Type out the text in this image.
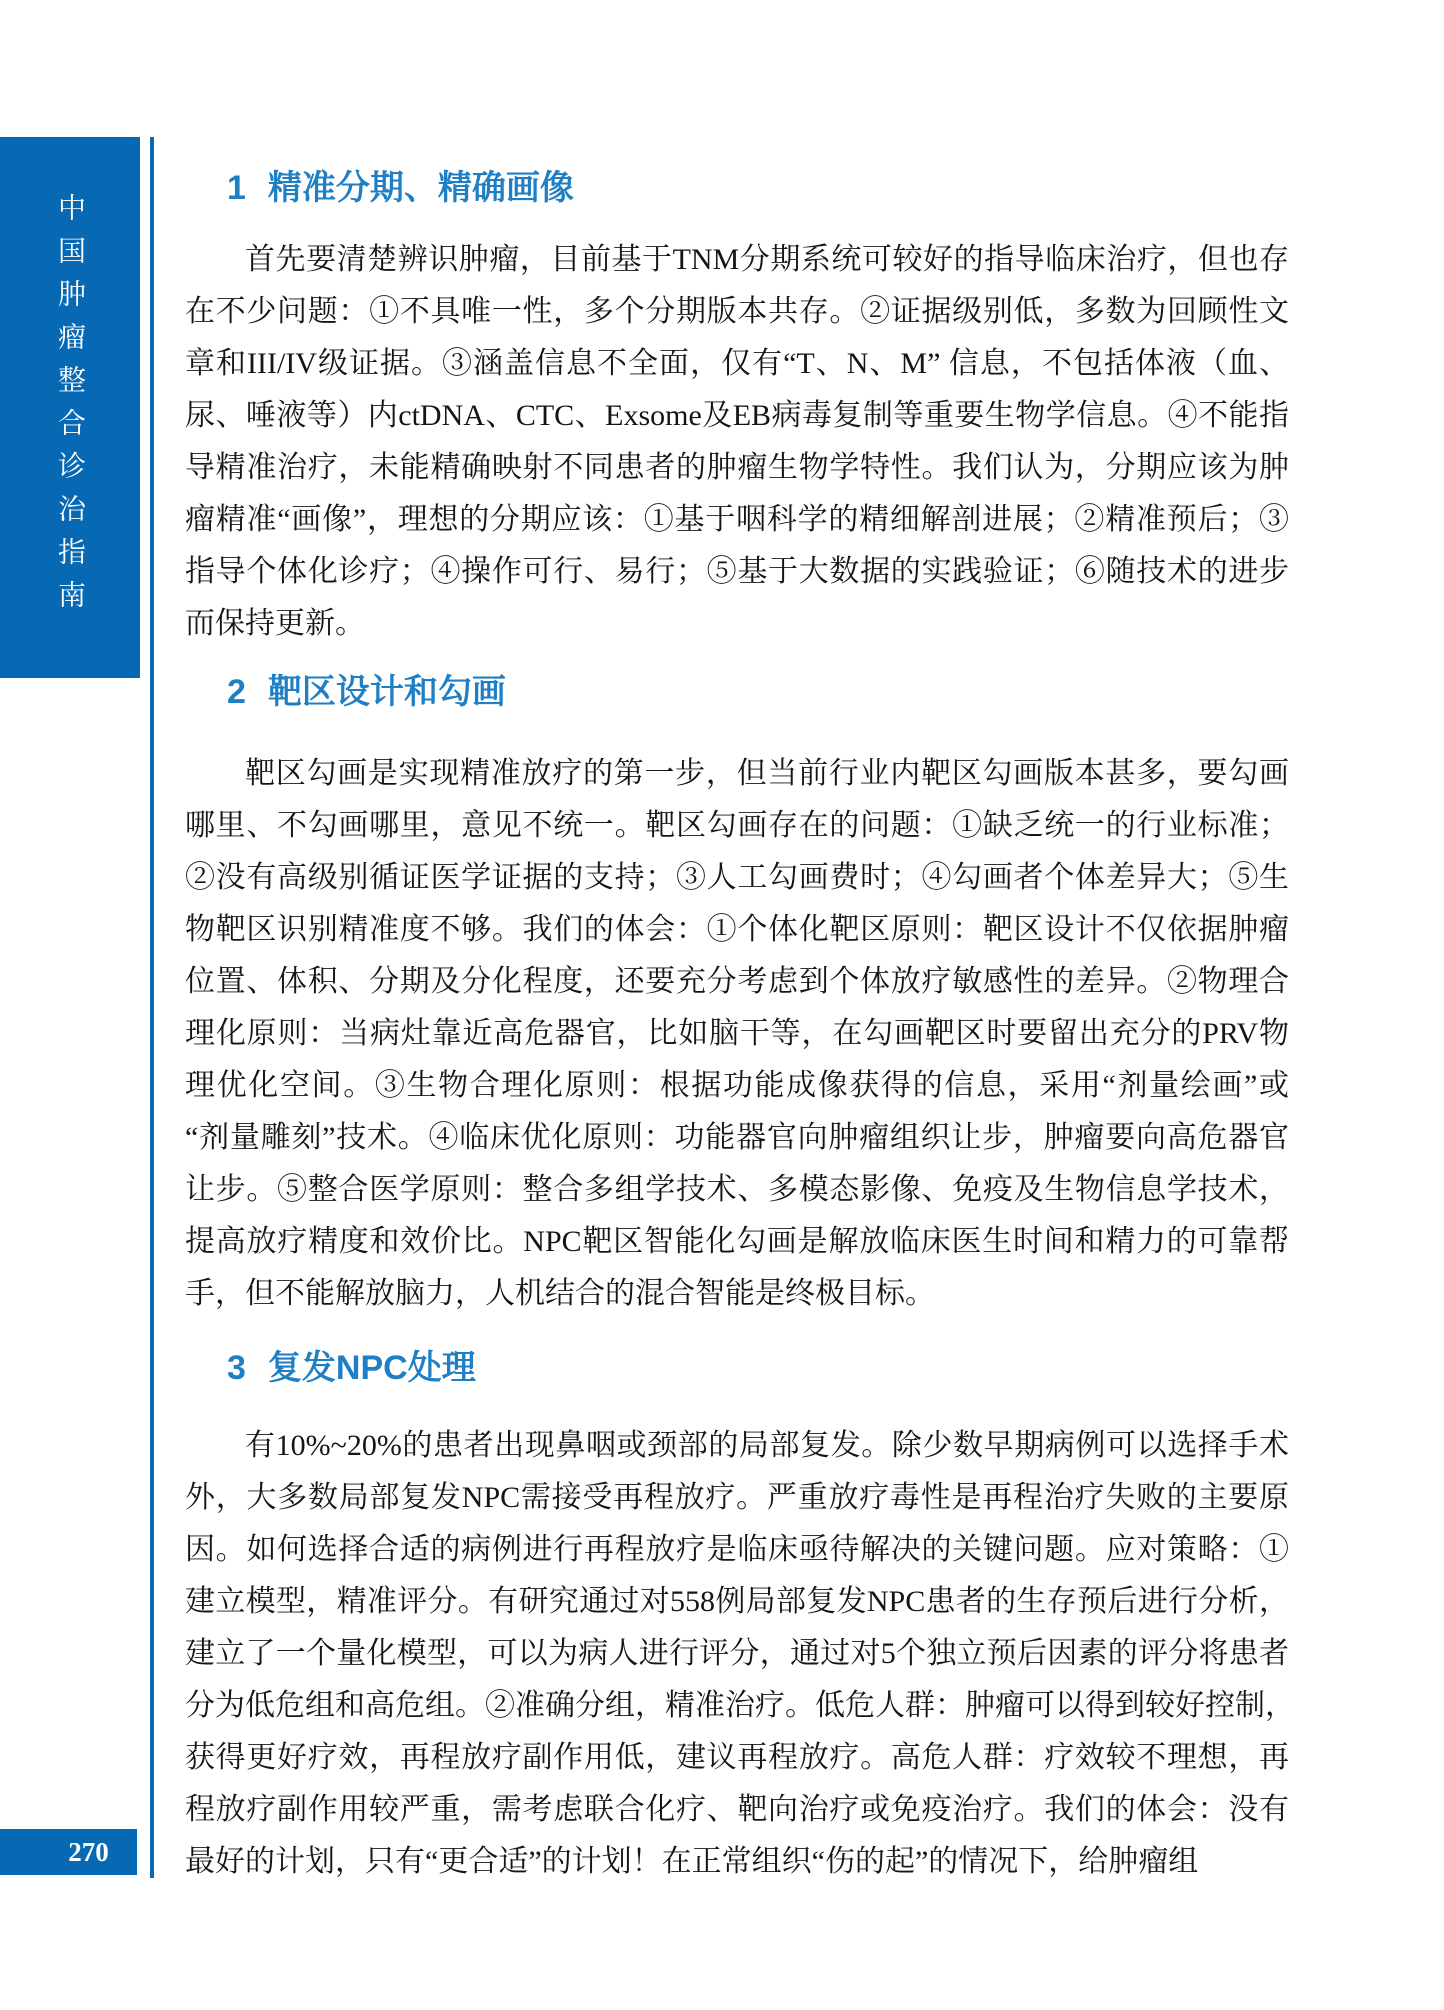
中国肿瘤整合诊治指南
270
1 精准分期、精确画像
首先要清楚辨识肿瘤，目前基于TNM分期系统可较好的指导临床治疗，但也存
在不少问题：①不具唯一性，多个分期版本共存。②证据级别低，多数为回顾性文
章和III/IV级证据。③涵盖信息不全面，仅有“T、N、M” 信息，不包括体液（血、
尿、唾液等）内ctDNA、CTC、Exsome及EB病毒复制等重要生物学信息。④不能指
导精准治疗，未能精确映射不同患者的肿瘤生物学特性。我们认为，分期应该为肿
瘤精准“画像”，理想的分期应该：①基于咽科学的精细解剖进展；②精准预后；③
指导个体化诊疗；④操作可行、易行；⑤基于大数据的实践验证；⑥随技术的进步
而保持更新。
2 靶区设计和勾画
靶区勾画是实现精准放疗的第一步，但当前行业内靶区勾画版本甚多，要勾画
哪里、不勾画哪里，意见不统一。靶区勾画存在的问题：①缺乏统一的行业标准；
②没有高级别循证医学证据的支持；③人工勾画费时；④勾画者个体差异大；⑤生
物靶区识别精准度不够。我们的体会：①个体化靶区原则：靶区设计不仅依据肿瘤
位置、体积、分期及分化程度，还要充分考虑到个体放疗敏感性的差异。②物理合
理化原则：当病灶靠近高危器官，比如脑干等，在勾画靶区时要留出充分的PRV物
理优化空间。③生物合理化原则：根据功能成像获得的信息，采用“剂量绘画”或
“剂量雕刻”技术。④临床优化原则：功能器官向肿瘤组织让步，肿瘤要向高危器官
让步。⑤整合医学原则：整合多组学技术、多模态影像、免疫及生物信息学技术，
提高放疗精度和效价比。NPC靶区智能化勾画是解放临床医生时间和精力的可靠帮
手，但不能解放脑力，人机结合的混合智能是终极目标。
3 复发NPC处理
有10%~20%的患者出现鼻咽或颈部的局部复发。除少数早期病例可以选择手术
外，大多数局部复发NPC需接受再程放疗。严重放疗毒性是再程治疗失败的主要原
因。如何选择合适的病例进行再程放疗是临床亟待解决的关键问题。应对策略：①
建立模型，精准评分。有研究通过对558例局部复发NPC患者的生存预后进行分析，
建立了一个量化模型，可以为病人进行评分，通过对5个独立预后因素的评分将患者
分为低危组和高危组。②准确分组，精准治疗。低危人群：肿瘤可以得到较好控制，
获得更好疗效，再程放疗副作用低，建议再程放疗。高危人群：疗效较不理想，再
程放疗副作用较严重，需考虑联合化疗、靶向治疗或免疫治疗。我们的体会：没有
最好的计划，只有“更合适”的计划！在正常组织“伤的起”的情况下，给肿瘤组
